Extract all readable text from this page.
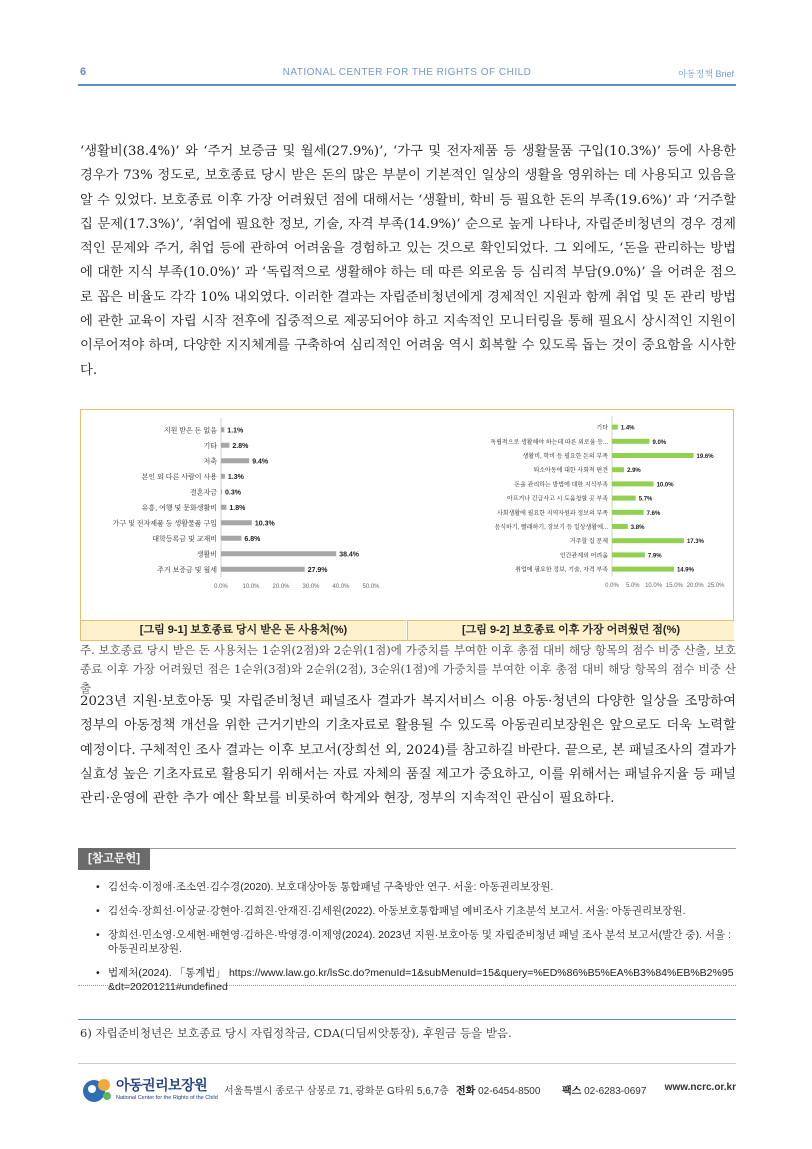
6	NATIONAL CENTER FOR THE RIGHTS OF CHILD	아동정책 Brief

‘생활비(38.4%)’ 와 ‘주거 보증금 및 월세(27.9%)’, ‘가구 및 전자제품 등 생활물품 구입(10.3%)’ 등에 사용한 경우가 73% 정도로, 보호종료 당시 받은 돈의 많은 부분이 기본적인 일상의 생활을 영위하는 데 사용되고 있음을 알 수 있었다. 보호종료 이후 가장 어려웠던 점에 대해서는 ‘생활비, 학비 등 필요한 돈의 부족(19.6%)’ 과 ‘거주할 집 문제(17.3%)’, ‘취업에 필요한 정보, 기술, 자격 부족(14.9%)’ 순으로 높게 나타나, 자립준비청년의 경우 경제적인 문제와 주거, 취업 등에 관하여 어려움을 경험하고 있는 것으로 확인되었다. 그 외에도, ‘돈을 관리하는 방법에 대한 지식 부족(10.0%)’ 과 ‘독립적으로 생활해야 하는 데 따른 외로움 등 심리적 부담(9.0%)’ 을 어려운 점으로 꼽은 비율도 각각 10% 내외였다. 이러한 결과는 자립준비청년에게 경제적인 지원과 함께 취업 및 돈 관리 방법에 관한 교육이 자립 시작 전후에 집중적으로 제공되어야 하고 지속적인 모니터링을 통해 필요시 상시적인 지원이 이루어져야 하며, 다양한 지지체계를 구축하여 심리적인 어려움 역시 회복할 수 있도록 돕는 것이 중요함을 시사한다.

지원 받은 돈 없음 1.1%
기타 2.8%
저축	9.4%
본인 외 다른 사람이 사용 1.3%
결혼자금 0.3%
유흥, 여행 및 문화생활비 1.8%
가구 및 전자제품 등 생활물품 구입	10.3%
대학등록금 및 교재비	6.8%
생활비	38.4%
주거 보증금 및 월세	27.9%
0.0% 10.0% 20.0% 30.0% 40.0% 50.0%
기타 1.4%
독립적으로 생활해야 하는데 따른 외로움 등...	9.0%
생활비, 학비 등 필요한 돈의 부족	19.6%
퇴소아동에 대한 사회적 편견	2.9%
돈을 관리하는 방법에 대한 지식부족	10.0%
아프거나 긴급사고 시 도움청할 곳 부족	5.7%
사회생활에 필요한 지역자원과 정보의 부족	7.6%
음식하기, 빨래하기, 장보기 등 일상생활에...	3.8%
거주할 집 문제	17.3%
인간관계의 어려움	7.9%
취업에 필요한 정보, 기술, 자격 부족	14.9%
0.0% 5.0% 10.0% 15.0% 20.0% 25.0%
[그림 9-1] 보호종료 당시 받은 돈 사용처(%)	[그림 9-2] 보호종료 이후 가장 어려웠던 점(%)

주. 보호종료 당시 받은 돈 사용처는 1순위(2점)와 2순위(1점)에 가중치를 부여한 이후 총점 대비 해당 항목의 점수 비중 산출, 보호종료 이후 가장 어려웠던 점은 1순위(3점)와 2순위(2점), 3순위(1점)에 가중치를 부여한 이후 총점 대비 해당 항목의 점수 비중 산출

2023년 지원·보호아동 및 자립준비청년 패널조사 결과가 복지서비스 이용 아동·청년의 다양한 일상을 조망하여 정부의 아동정책 개선을 위한 근거기반의 기초자료로 활용될 수 있도록 아동권리보장원은 앞으로도 더욱 노력할 예정이다. 구체적인 조사 결과는 이후 보고서(장희선 외, 2024)를 참고하길 바란다. 끝으로, 본 패널조사의 결과가 실효성 높은 기초자료로 활용되기 위해서는 자료 자체의 품질 제고가 중요하고, 이를 위해서는 패널유지율 등 패널 관리·운영에 관한 추가 예산 확보를 비롯하여 학계와 현장, 정부의 지속적인 관심이 필요하다.

[참고문헌]
• 김선숙·이정애·조소연·김수경(2020). 보호대상아동 통합패널 구축방안 연구. 서울: 아동권리보장원.
• 김선숙·장희선·이상균·강현아·김희진·안재진·김세원(2022). 아동보호통합패널 예비조사 기초분석 보고서. 서울: 아동권리보장원.
• 장희선·민소영·오세현·배현영·김하은·박영경·이제영(2024). 2023년 지원·보호아동 및 자립준비청년 패널 조사 분석 보고서(발간 중). 서울 : 아동권리보장원.
• 법제처(2024). 「통계법」 https://www.law.go.kr/lsSc.do?menuId=1&subMenuId=15&query=%ED%86%B5%EA%B3%84%EB%B2%95&dt=20201211#undefined

6) 자립준비청년은 보호종료 당시 자립정착금, CDA(디딤씨앗통장), 후원금 등을 받음.

아동권리보장원
National Center for the Rights of the Child
서울특별시 종로구 삼봉로 71, 광화문 G타워 5,6,7층 전화 02-6454-8500 팩스 02-6283-0697 www.ncrc.or.kr
